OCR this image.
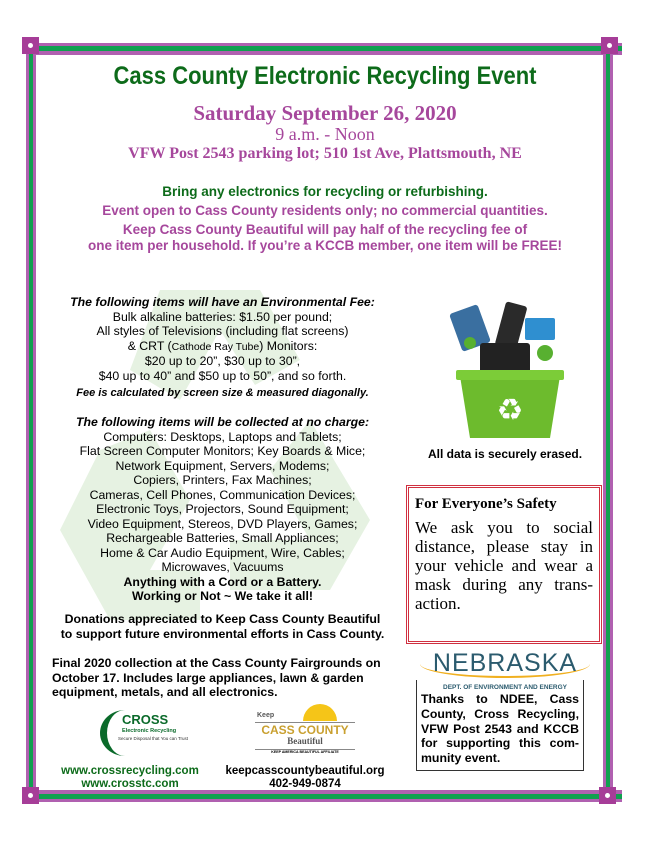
Cass County Electronic Recycling Event
Saturday September 26, 2020
9 a.m. - Noon
VFW Post 2543 parking lot; 510 1st Ave, Plattsmouth, NE
Bring any electronics for recycling or refurbishing.
Event open to Cass County residents only; no commercial quantities.
Keep Cass County Beautiful will pay half of the recycling fee of
one item per household. If you’re a KCCB member, one item will be FREE!
The following items will have an Environmental Fee:
Bulk alkaline batteries: $1.50 per pound;
All styles of Televisions (including flat screens)
& CRT (Cathode Ray Tube) Monitors:
$20 up to 20”, $30 up to 30”,
$40 up to 40” and $50 up to 50”, and so forth.
Fee is calculated by screen size & measured diagonally.
The following items will be collected at no charge:
Computers: Desktops, Laptops and Tablets;
Flat Screen Computer Monitors; Key Boards & Mice;
Network Equipment, Servers, Modems;
Copiers, Printers, Fax Machines;
Cameras, Cell Phones, Communication Devices;
Electronic Toys, Projectors, Sound Equipment;
Video Equipment, Stereos, DVD Players, Games;
Rechargeable Batteries, Small Appliances;
Home & Car Audio Equipment, Wire, Cables;
Microwaves, Vacuums
Anything with a Cord or a Battery.
Working or Not ~ We take it all!
Donations appreciated to Keep Cass County Beautiful
to support future environmental efforts in Cass County.
Final 2020 collection at the Cass County Fairgrounds on
October 17. Includes large appliances, lawn & garden
equipment, metals, and all electronics.
♻
All data is securely erased.
For Everyone’s Safety
We ask you to social distance, please stay in your vehicle and wear a mask during any trans-action.
NEBRASKA
DEPT. OF ENVIRONMENT AND ENERGY
Thanks to NDEE, Cass County, Cross Recycling, VFW Post 2543 and KCCB for supporting this com-munity event.
CROSS
Electronic Recycling
Secure Disposal that You can Trust
www.crossrecycling.com
www.crosstc.com
Keep
CASS COUNTY
Beautiful
KEEP AMERICA BEAUTIFUL AFFILIATE
keepcasscountybeautiful.org
402-949-0874
